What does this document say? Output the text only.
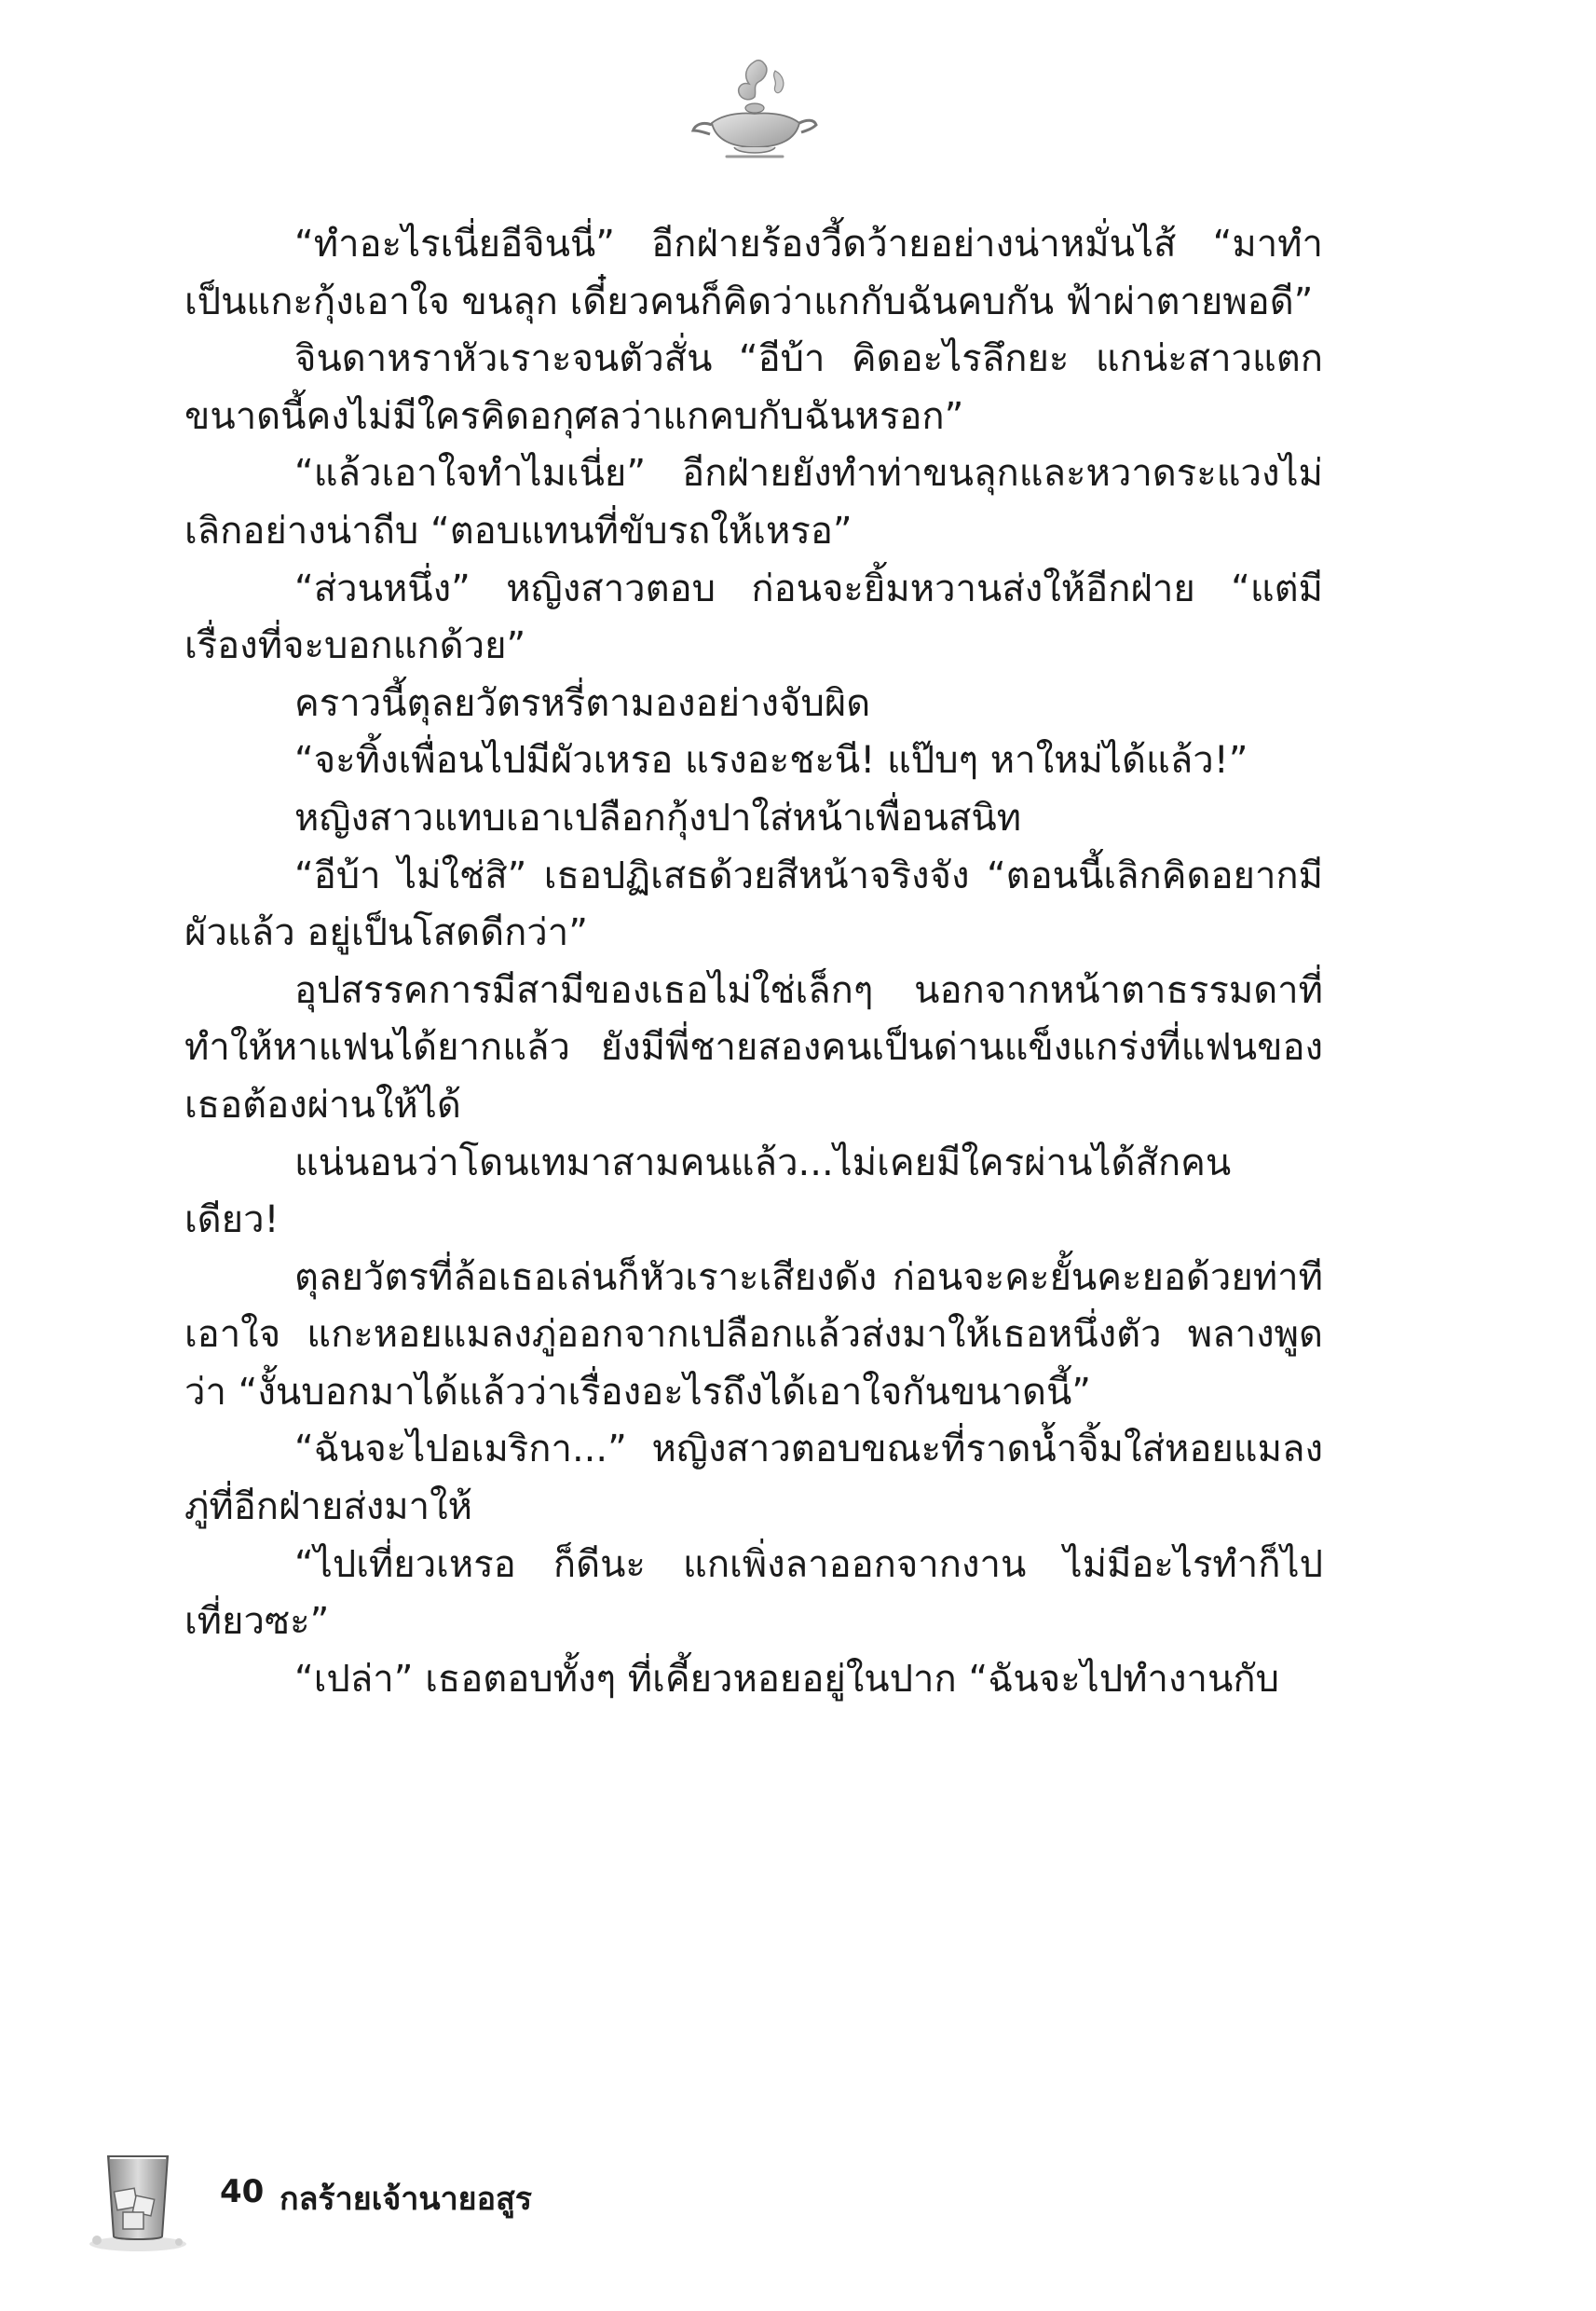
“ทำอะไรเนี่ยอีจินนี่” อีกฝ่ายร้องวี้ดว้ายอย่างน่าหมั่นไส้ “มาทำเป็นแกะกุ้งเอาใจ ขนลุก เดี๋ยวคนก็คิดว่าแกกับฉันคบกัน ฟ้าผ่าตายพอดี”

จินดาหราหัวเราะจนตัวสั่น “อีบ้า คิดอะไรลึกยะ แกน่ะสาวแตกขนาดนี้คงไม่มีใครคิดอกุศลว่าแกคบกับฉันหรอก”

“แล้วเอาใจทำไมเนี่ย” อีกฝ่ายยังทำท่าขนลุกและหวาดระแวงไม่เลิกอย่างน่าถีบ “ตอบแทนที่ขับรถให้เหรอ”

“ส่วนหนึ่ง” หญิงสาวตอบ ก่อนจะยิ้มหวานส่งให้อีกฝ่าย “แต่มีเรื่องที่จะบอกแกด้วย”

คราวนี้ตุลยวัตรหรี่ตามองอย่างจับผิด

“จะทิ้งเพื่อนไปมีผัวเหรอ แรงอะชะนี! แป๊บๆ หาใหม่ได้แล้ว!”

หญิงสาวแทบเอาเปลือกกุ้งปาใส่หน้าเพื่อนสนิท

“อีบ้า ไม่ใช่สิ” เธอปฏิเสธด้วยสีหน้าจริงจัง “ตอนนี้เลิกคิดอยากมีผัวแล้ว อยู่เป็นโสดดีกว่า”

อุปสรรคการมีสามีของเธอไม่ใช่เล็กๆ นอกจากหน้าตาธรรมดาที่ทำให้หาแฟนได้ยากแล้ว ยังมีพี่ชายสองคนเป็นด่านแข็งแกร่งที่แฟนของเธอต้องผ่านให้ได้

แน่นอนว่าโดนเทมาสามคนแล้ว...ไม่เคยมีใครผ่านได้สักคนเดียว!

ตุลยวัตรที่ล้อเธอเล่นก็หัวเราะเสียงดัง ก่อนจะคะยั้นคะยอด้วยท่าทีเอาใจ แกะหอยแมลงภู่ออกจากเปลือกแล้วส่งมาให้เธอหนึ่งตัว พลางพูดว่า “งั้นบอกมาได้แล้วว่าเรื่องอะไรถึงได้เอาใจกันขนาดนี้”

“ฉันจะไปอเมริกา...” หญิงสาวตอบขณะที่ราดน้ำจิ้มใส่หอยแมลงภู่ที่อีกฝ่ายส่งมาให้

“ไปเที่ยวเหรอ ก็ดีนะ แกเพิ่งลาออกจากงาน ไม่มีอะไรทำก็ไปเที่ยวซะ”

“เปล่า” เธอตอบทั้งๆ ที่เคี้ยวหอยอยู่ในปาก “ฉันจะไปทำงานกับ

40 กลร้ายเจ้านายอสูร
